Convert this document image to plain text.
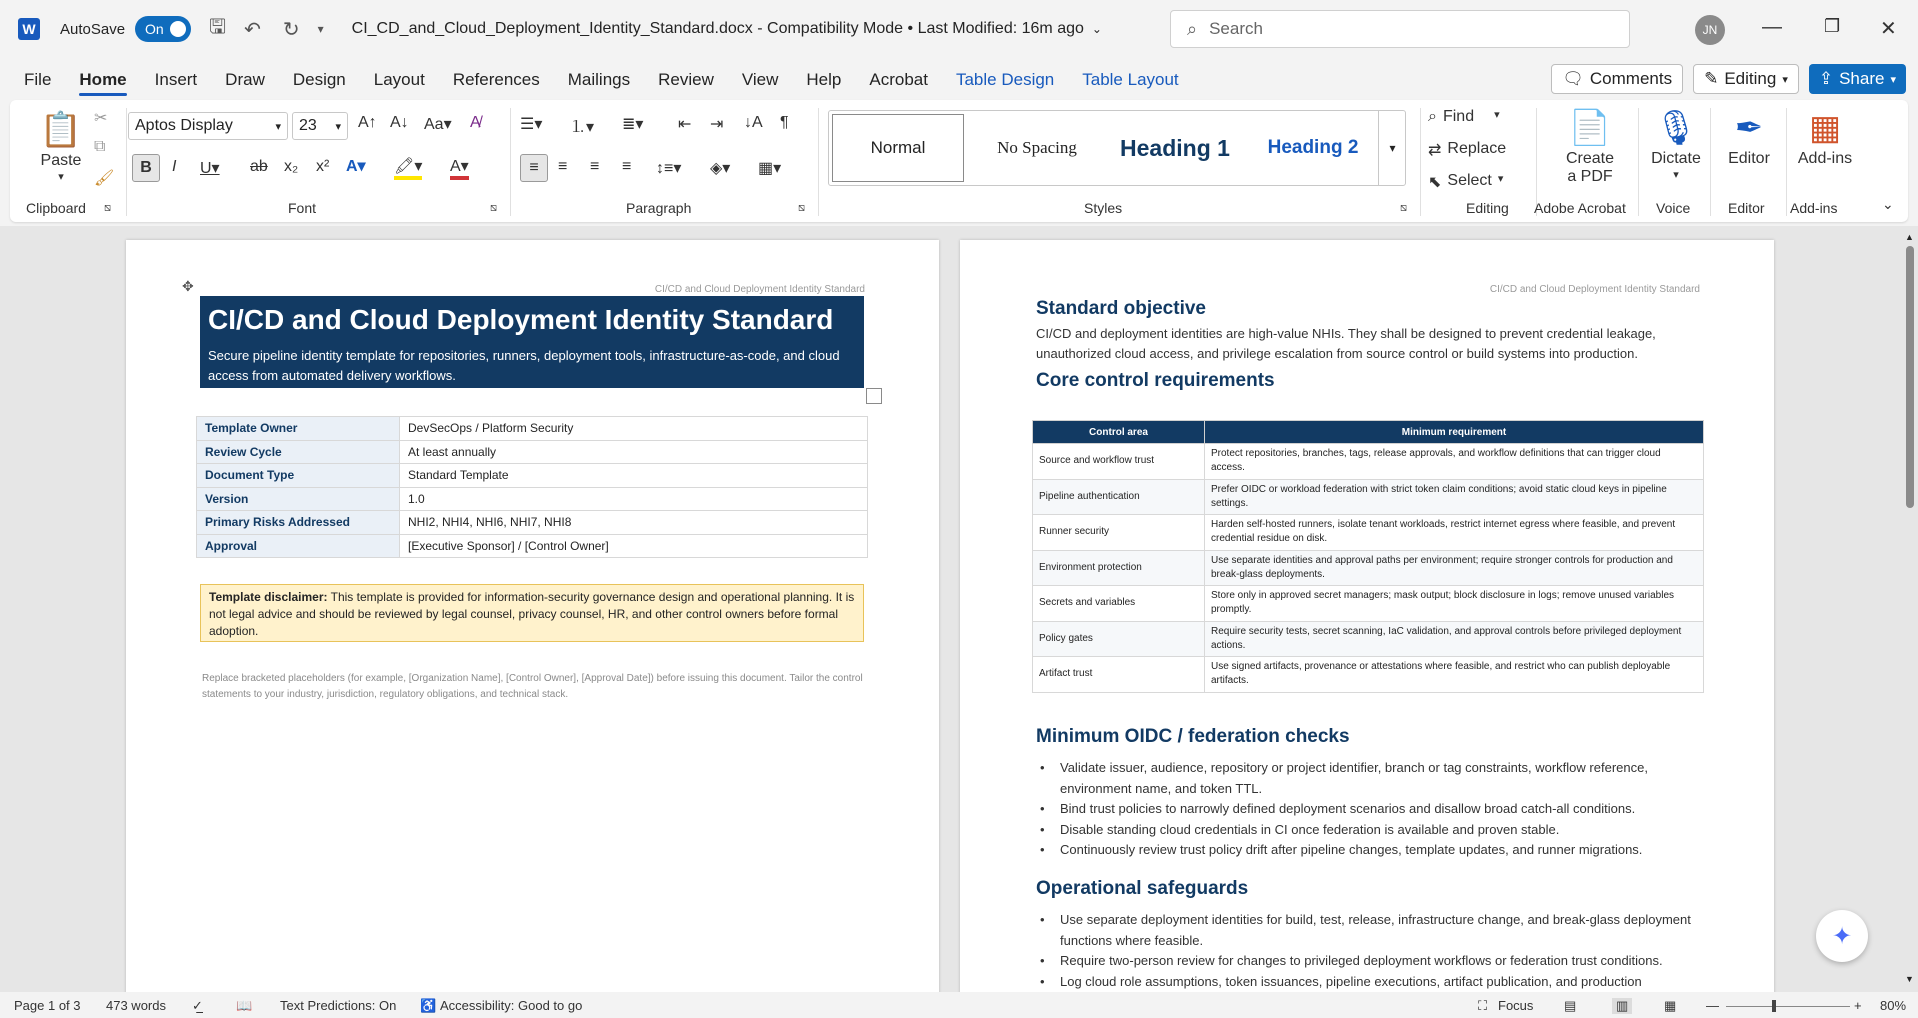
W AutoSave On 🖫 ↶ ↻ ▾ CI_CD_and_Cloud_Deployment_Identity_Standard.docx - Compatibility Mode • Last Modified: 16m ago ⌄	⌕ Search	JN	— ❐ ✕
File	Home	Insert	Draw	Design	Layout	References	Mailings	Review	View	Help	Acrobat	Table Design	Table Layout	🗨 Comments ✎ Editing ▾ ⇪ Share ▾
📋
Paste
▾
✂
⧉
🖌
Clipboard ⧅
Aptos Display	▾ 23 ▾ A↑ A↓ Aa▾ A̸
B	I U▾ ab x₂ x² A▾ 🖍▾ A▾
Font	⧅
☰▾ ⒈▾ ≣▾ ⇤ ⇥ ↓A ¶
≡	≡ ≡ ≡ ↕≡▾ ◈▾ ▦▾
Paragraph	⧅
Normal	No Spacing	Heading 1	Heading 2	▾
Styles	⧅
⌕ Find ▾
⇄ Replace
⬉ Select ▾
Editing
📄
Create a PDF
Adobe Acrobat
🎙
Dictate
▾
Voice
✒
Editor
Editor
▦
Add-ins
Add-ins	⌄
CI/CD and Cloud Deployment Identity Standard
✥
CI/CD and Cloud Deployment Identity Standard

Secure pipeline identity template for repositories, runners, deployment tools, infrastructure-as-code, and cloud access from automated delivery workflows.

Template Owner	DevSecOps / Platform Security
Review Cycle	At least annually
Document Type	Standard Template
Version	1.0
Primary Risks Addressed	NHI2, NHI4, NHI6, NHI7, NHI8
Approval	[Executive Sponsor] / [Control Owner]
Template disclaimer: This template is provided for information-security governance design and operational planning. It is not legal advice and should be reviewed by legal counsel, privacy counsel, HR, and other control owners before formal adoption.
Replace bracketed placeholders (for example, [Organization Name], [Control Owner], [Approval Date]) before issuing this document. Tailor the control statements to your industry, jurisdiction, regulatory obligations, and technical stack.
CI/CD and Cloud Deployment Identity Standard
Standard objective
CI/CD and deployment identities are high-value NHIs. They shall be designed to prevent credential leakage, unauthorized cloud access, and privilege escalation from source control or build systems into production.
Core control requirements
Control area	Minimum requirement
Source and workflow trust	Protect repositories, branches, tags, release approvals, and workflow definitions that can trigger cloud access.
Pipeline authentication	Prefer OIDC or workload federation with strict token claim conditions; avoid static cloud keys in pipeline settings.
Runner security	Harden self-hosted runners, isolate tenant workloads, restrict internet egress where feasible, and prevent credential residue on disk.
Environment protection	Use separate identities and approval paths per environment; require stronger controls for production and break-glass deployments.
Secrets and variables	Store only in approved secret managers; mask output; block disclosure in logs; remove unused variables promptly.
Policy gates	Require security tests, secret scanning, IaC validation, and approval controls before privileged deployment actions.
Artifact trust	Use signed artifacts, provenance or attestations where feasible, and restrict who can publish deployable artifacts.
Minimum OIDC / federation checks
• Validate issuer, audience, repository or project identifier, branch or tag constraints, workflow reference, environment name, and token TTL.
• Bind trust policies to narrowly defined deployment scenarios and disallow broad catch-all conditions.
• Disable standing cloud credentials in CI once federation is available and proven stable.
• Continuously review trust policy drift after pipeline changes, template updates, and runner migrations.
Operational safeguards
• Use separate deployment identities for build, test, release, infrastructure change, and break-glass deployment functions where feasible.
• Require two-person review for changes to privileged deployment workflows or federation trust conditions.
• Log cloud role assumptions, token issuances, pipeline executions, artifact publication, and production
▲
▼
✦
Page 1 of 3 473 words ✓̲	📖 Text Predictions: On ♿ Accessibility: Good to go	⛶ Focus ▤	▥	▦ —	+ 80%
